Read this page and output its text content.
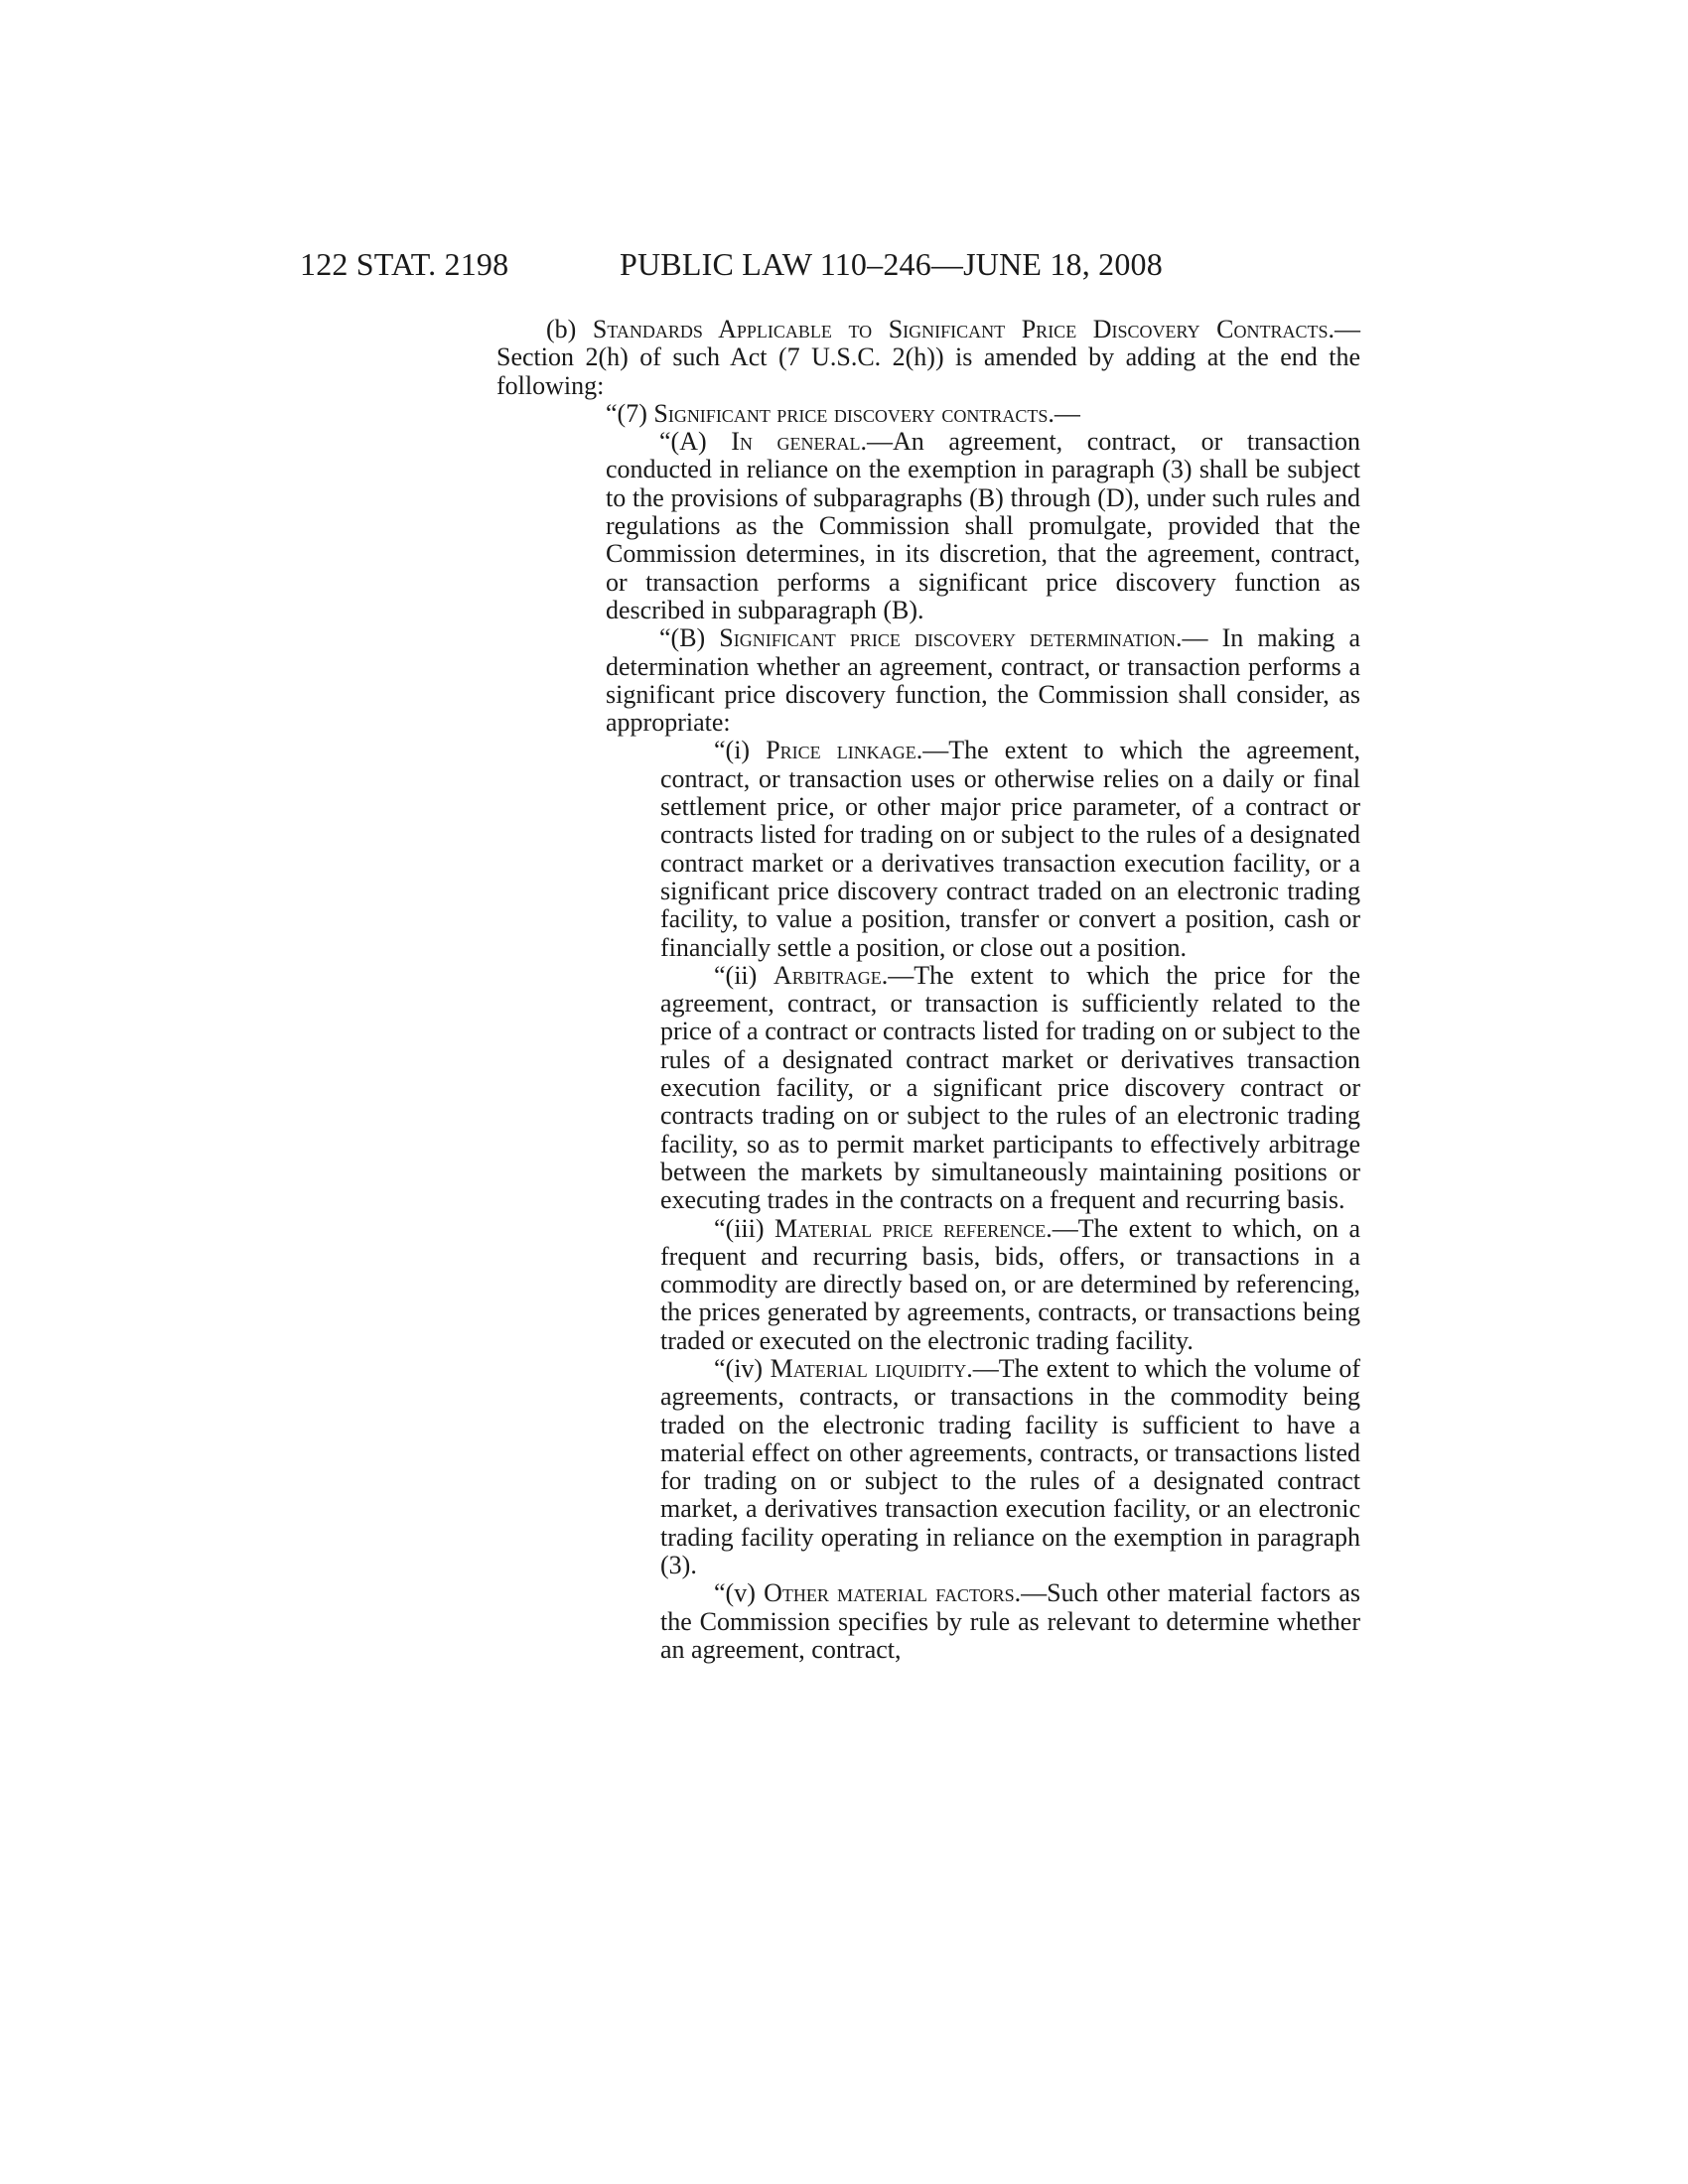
122 STAT. 2198	PUBLIC LAW 110–246—JUNE 18, 2008

(b) Standards Applicable to Significant Price Discovery Contracts.—Section 2(h) of such Act (7 U.S.C. 2(h)) is amended by adding at the end the following:

“(7) Significant price discovery contracts.—

“(A) In general.—An agreement, contract, or transaction conducted in reliance on the exemption in paragraph (3) shall be subject to the provisions of subparagraphs (B) through (D), under such rules and regulations as the Commission shall promulgate, provided that the Commission determines, in its discretion, that the agreement, contract, or transaction performs a significant price discovery function as described in subparagraph (B).

“(B) Significant price discovery determination.— In making a determination whether an agreement, contract, or transaction performs a significant price discovery function, the Commission shall consider, as appropriate:

“(i) Price linkage.—The extent to which the agreement, contract, or transaction uses or otherwise relies on a daily or final settlement price, or other major price parameter, of a contract or contracts listed for trading on or subject to the rules of a designated contract market or a derivatives transaction execution facility, or a significant price discovery contract traded on an electronic trading facility, to value a position, transfer or convert a position, cash or financially settle a position, or close out a position.

“(ii) Arbitrage.—The extent to which the price for the agreement, contract, or transaction is sufficiently related to the price of a contract or contracts listed for trading on or subject to the rules of a designated contract market or derivatives transaction execution facility, or a significant price discovery contract or contracts trading on or subject to the rules of an electronic trading facility, so as to permit market participants to effectively arbitrage between the markets by simultaneously maintaining positions or executing trades in the contracts on a frequent and recurring basis.

“(iii) Material price reference.—The extent to which, on a frequent and recurring basis, bids, offers, or transactions in a commodity are directly based on, or are determined by referencing, the prices generated by agreements, contracts, or transactions being traded or executed on the electronic trading facility.

“(iv) Material liquidity.—The extent to which the volume of agreements, contracts, or transactions in the commodity being traded on the electronic trading facility is sufficient to have a material effect on other agreements, contracts, or transactions listed for trading on or subject to the rules of a designated contract market, a derivatives transaction execution facility, or an electronic trading facility operating in reliance on the exemption in paragraph (3).

“(v) Other material factors.—Such other material factors as the Commission specifies by rule as relevant to determine whether an agreement, contract,
